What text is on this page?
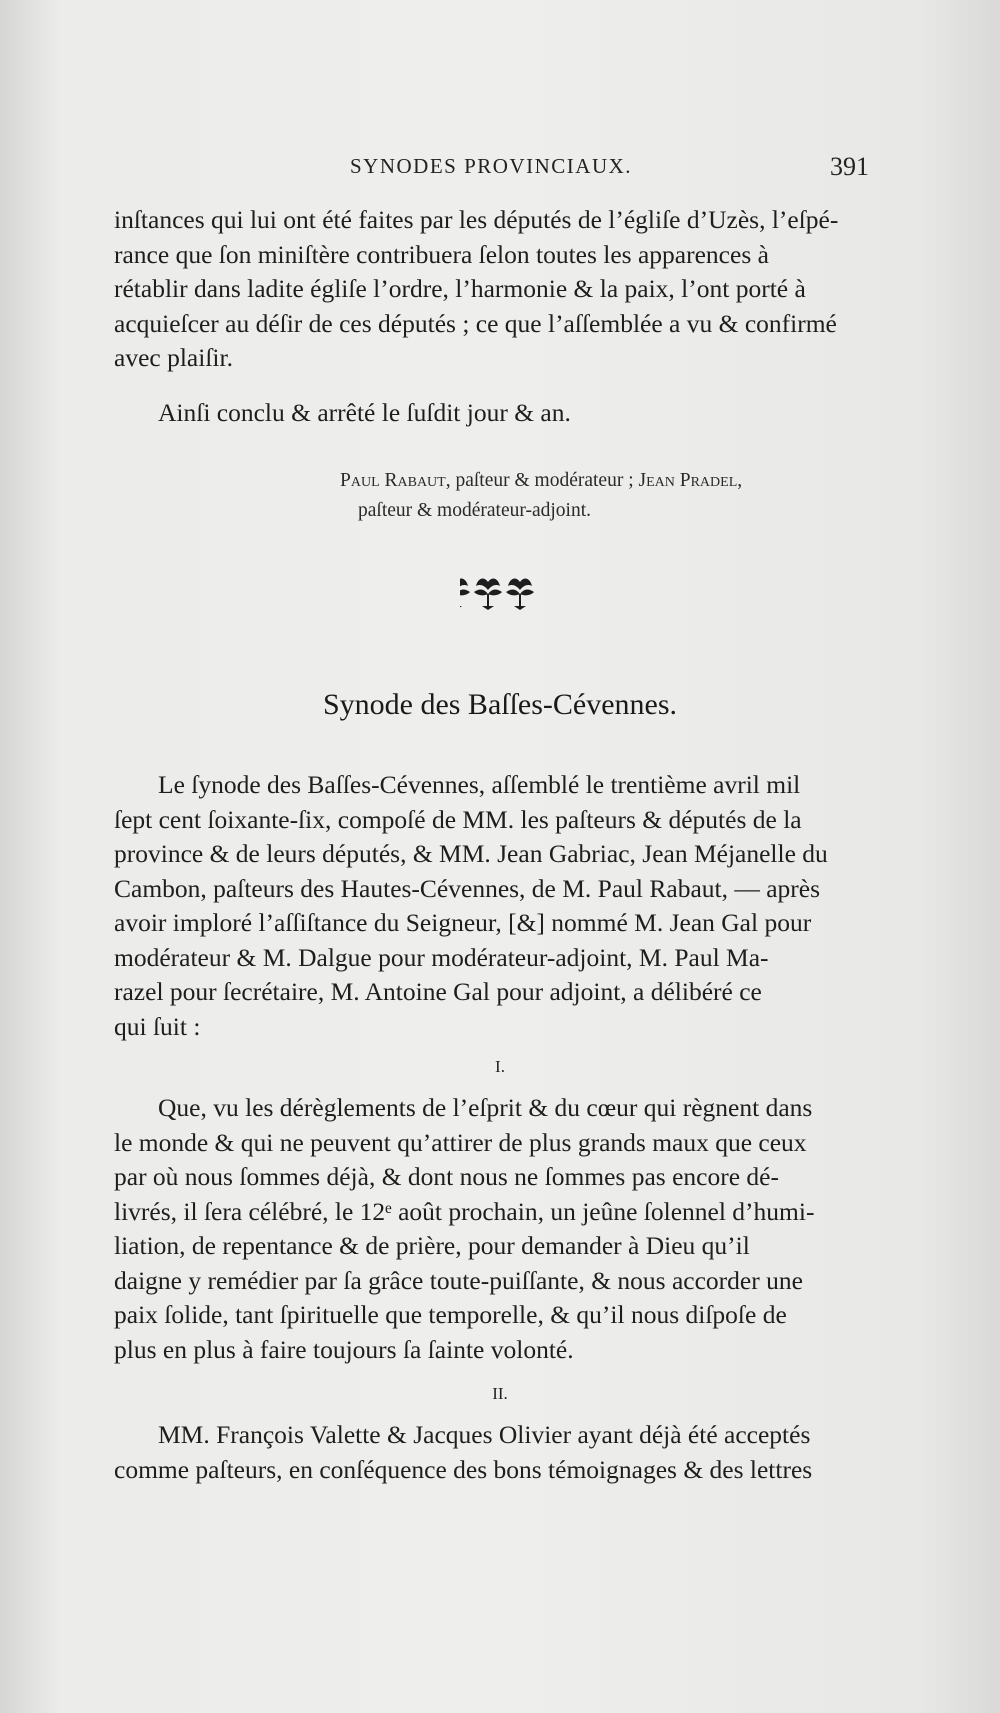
SYNODES PROVINCIAUX.	391

inſtances qui lui ont été faites par les députés de l’égliſe d’Uzès, l’eſpé-

rance que ſon miniſtère contribuera ſelon toutes les apparences à

rétablir dans ladite égliſe l’ordre, l’harmonie & la paix, l’ont porté à

acquieſcer au déſir de ces députés ; ce que l’aſſemblée a vu & confirmé

avec plaiſir.

Ainſi conclu & arrêté le ſuſdit jour & an.

Paul Rabaut, paſteur & modérateur ; Jean Pradel,
paſteur & modérateur-adjoint.
Synode des Baſſes-Cévennes.

Le ſynode des Baſſes-Cévennes, aſſemblé le trentième avril mil

ſept cent ſoixante-ſix, compoſé de MM. les paſteurs & députés de la

province & de leurs députés, & MM. Jean Gabriac, Jean Méjanelle du

Cambon, paſteurs des Hautes-Cévennes, de M. Paul Rabaut, — après

avoir imploré l’aſſiſtance du Seigneur, [&] nommé M. Jean Gal pour

modérateur & M. Dalgue pour modérateur-adjoint, M. Paul Ma-

razel pour ſecrétaire, M. Antoine Gal pour adjoint, a délibéré ce

qui ſuit :

I.

Que, vu les dérèglements de l’eſprit & du cœur qui règnent dans

le monde & qui ne peuvent qu’attirer de plus grands maux que ceux

par où nous ſommes déjà, & dont nous ne ſommes pas encore dé-

livrés, il ſera célébré, le 12ᵉ août prochain, un jeûne ſolennel d’humi-

liation, de repentance & de prière, pour demander à Dieu qu’il

daigne y remédier par ſa grâce toute-puiſſante, & nous accorder une

paix ſolide, tant ſpirituelle que temporelle, & qu’il nous diſpoſe de

plus en plus à faire toujours ſa ſainte volonté.

II.

MM. François Valette & Jacques Olivier ayant déjà été acceptés

comme paſteurs, en conſéquence des bons témoignages & des lettres
